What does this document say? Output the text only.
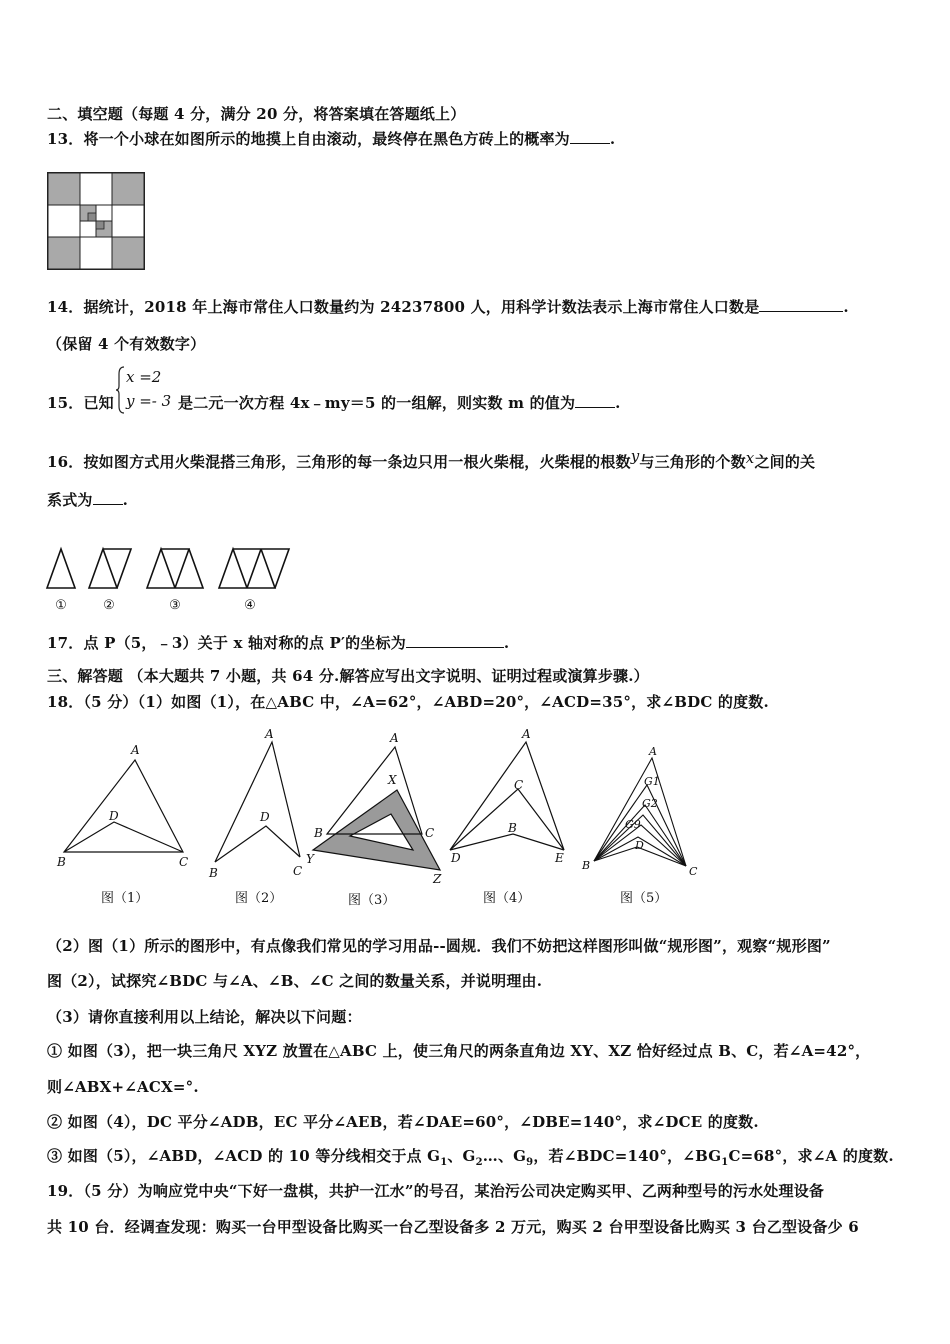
二、填空题（每题 4 分，满分 20 分，将答案填在答题纸上）
13．将一个小球在如图所示的地摸上自由滚动，最终停在黑色方砖上的概率为	.
14．据统计，2018 年上海市常住人口数量约为 24237800 人，用科学计数法表示上海市常住人口数是	.
（保留 4 个有效数字）
15．已知
x =2
y =- 3 是二元一次方程 4x﹣my＝5 的一组解，则实数 m 的值为	.
16．按如图方式用火柴混搭三角形，三角形的每一条边只用一根火柴棍，火柴棍的根数y与三角形的个数x之间的关
系式为 .
①	②	③	④
17．点 P（5，﹣3）关于 x 轴对称的点 P′的坐标为	.
三、解答题 （本大题共 7 小题，共 64 分.解答应写出文字说明、证明过程或演算步骤.）
18．（5 分）（1）如图（1），在△ABC 中，∠A=62°，∠ABD=20°，∠ACD=35°，求∠BDC 的度数.
A
D
B	C
图（1）
A
D
B	C
图（2）
A
X
B	C
Y
Z
图（3）
A
C
B
D	E
图（4）
A
G1
G2
G9
D
B	C
图（5）
（2）图（1）所示的图形中，有点像我们常见的学习用品--圆规．我们不妨把这样图形叫做“规形图”，观察“规形图”
图（2），试探究∠BDC 与∠A、∠B、∠C 之间的数量关系，并说明理由.
（3）请你直接利用以上结论，解决以下问题：
① 如图（3），把一块三角尺 XYZ 放置在△ABC 上，使三角尺的两条直角边 XY、XZ 恰好经过点 B、C，若∠A=42°，
则∠ABX+∠ACX=°.
② 如图（4），DC 平分∠ADB，EC 平分∠AEB，若∠DAE=60°，∠DBE=140°，求∠DCE 的度数.
③ 如图（5），∠ABD，∠ACD 的 10 等分线相交于点 $G_1$、$G_2\dots$、$G_9$，若∠BDC=140°，$\angle BG_1C=68^\circ$，求∠A 的度数.
19．（5 分）为响应党中央“下好一盘棋，共护一江水”的号召，某治污公司决定购买甲、乙两种型号的污水处理设备
共 10 台．经调查发现：购买一台甲型设备比购买一台乙型设备多 2 万元，购买 2 台甲型设备比购买 3 台乙型设备少 6
